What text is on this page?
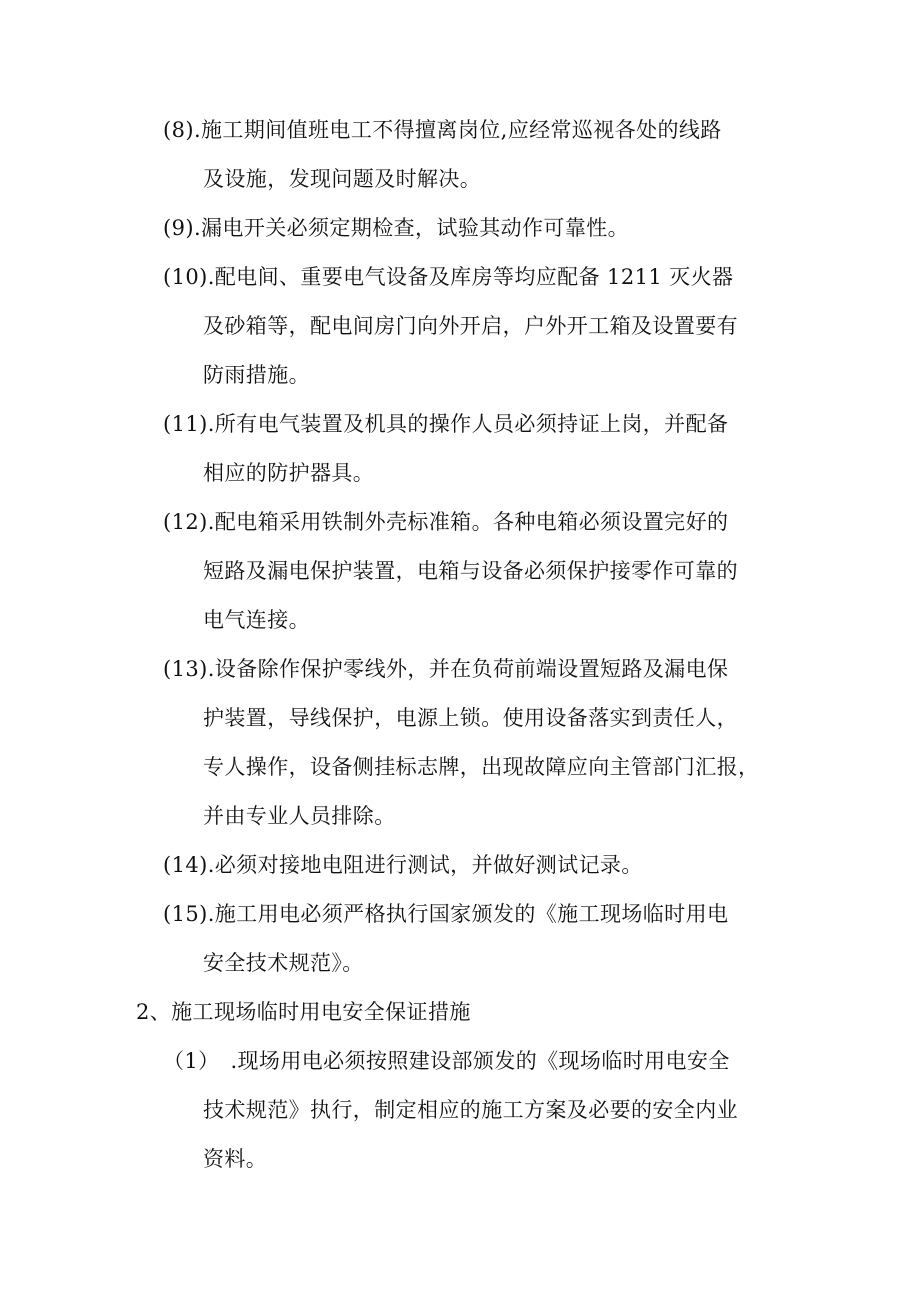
(8).施工期间值班电工不得擅离岗位,应经常巡视各处的线路
及设施，发现问题及时解决。
(9).漏电开关必须定期检查，试验其动作可靠性。
(10).配电间、重要电气设备及库房等均应配备 1211 灭火器
及砂箱等，配电间房门向外开启，户外开工箱及设置要有
防雨措施。
(11).所有电气装置及机具的操作人员必须持证上岗，并配备
相应的防护器具。
(12).配电箱采用铁制外壳标准箱。各种电箱必须设置完好的
短路及漏电保护装置，电箱与设备必须保护接零作可靠的
电气连接。
(13).设备除作保护零线外，并在负荷前端设置短路及漏电保
护装置，导线保护，电源上锁。使用设备落实到责任人，
专人操作，设备侧挂标志牌，出现故障应向主管部门汇报，
并由专业人员排除。
(14).必须对接地电阻进行测试，并做好测试记录。
(15).施工用电必须严格执行国家颁发的《施工现场临时用电
安全技术规范》。
2、施工现场临时用电安全保证措施
（1）　.现场用电必须按照建设部颁发的《现场临时用电安全
技术规范》执行，制定相应的施工方案及必要的安全内业
资料。
